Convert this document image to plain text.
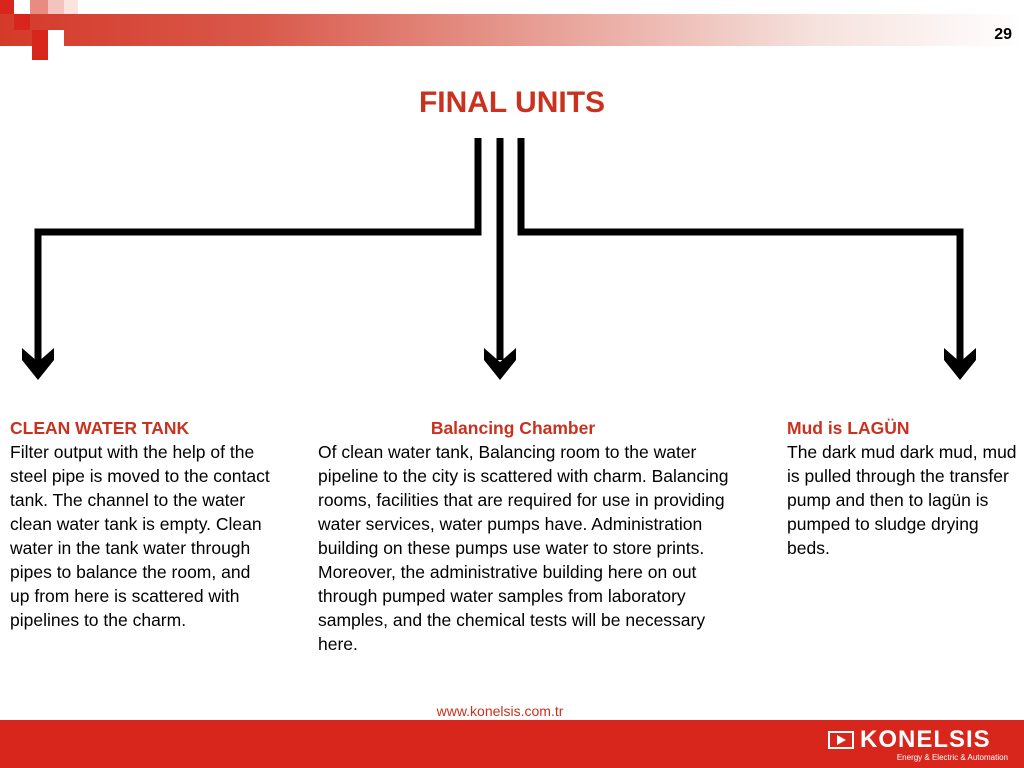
29
FINAL UNITS
CLEAN WATER TANK
Filter output with the help of the steel pipe is moved to the contact tank. The channel to the water clean water tank is empty. Clean water in the tank water through pipes to balance the room, and up from here is scattered with pipelines to the charm.
Balancing Chamber
Of clean water tank, Balancing room to the water pipeline to the city is scattered with charm. Balancing rooms, facilities that are required for use in providing water services, water pumps have. Administration building on these pumps use water to store prints. Moreover, the administrative building here on out through pumped water samples from laboratory samples, and the chemical tests will be necessary here.
Mud is LAGÜN
The dark mud dark mud, mud is pulled through the transfer pump and then to lagün is pumped to sludge drying beds.
www.konelsis.com.tr
KONELSIS
Energy & Electric & Automation
